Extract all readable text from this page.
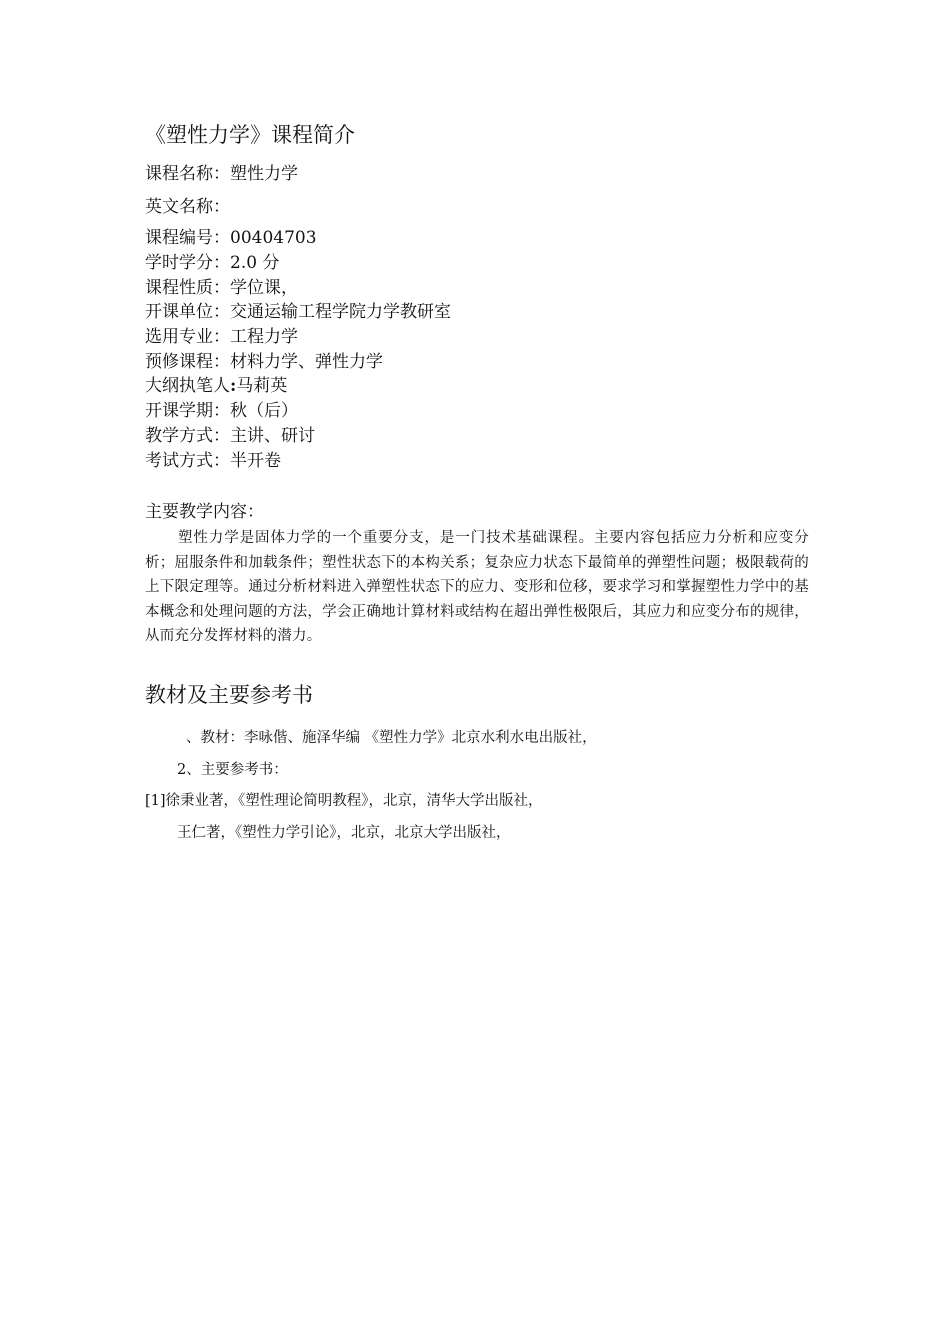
《塑性力学》课程简介
课程名称：塑性力学
英文名称：
课程编号：00404703
学时学分：2.0 分
课程性质：学位课，
开课单位：交通运输工程学院力学教研室
选用专业：工程力学
预修课程：材料力学、弹性力学
大纲执笔人:马莉英
开课学期：秋（后）
教学方式：主讲、研讨
考试方式：半开卷
主要教学内容：
塑性力学是固体力学的一个重要分支，是一门技术基础课程。主要内容包括应力分析和应变分析；屈服条件和加载条件；塑性状态下的本构关系；复杂应力状态下最简单的弹塑性问题；极限载荷的上下限定理等。通过分析材料进入弹塑性状态下的应力、变形和位移，要求学习和掌握塑性力学中的基本概念和处理问题的方法，学会正确地计算材料或结构在超出弹性极限后，其应力和应变分布的规律，从而充分发挥材料的潜力。
教材及主要参考书
、教材：李咏偕、施泽华编 《塑性力学》北京水利水电出版社，
2、主要参考书：
[1]徐秉业著，《塑性理论简明教程》，北京，清华大学出版社，
王仁著，《塑性力学引论》，北京，北京大学出版社，
